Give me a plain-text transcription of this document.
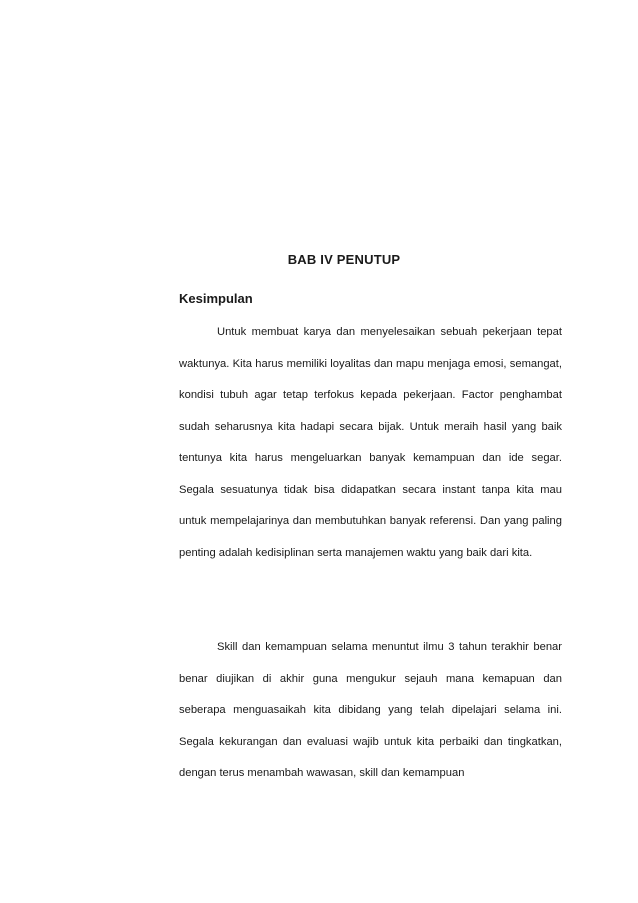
BAB IV PENUTUP
Kesimpulan

Untuk membuat karya dan menyelesaikan sebuah pekerjaan tepat waktunya. Kita harus memiliki loyalitas dan mapu menjaga emosi, semangat, kondisi tubuh agar tetap terfokus kepada pekerjaan. Factor penghambat sudah seharusnya kita hadapi secara bijak. Untuk meraih hasil yang baik tentunya kita harus mengeluarkan banyak kemampuan dan ide segar. Segala sesuatunya tidak bisa didapatkan secara instant tanpa kita mau untuk mempelajarinya dan membutuhkan banyak referensi. Dan yang paling penting adalah kedisiplinan serta manajemen waktu yang baik dari kita.

Skill dan kemampuan selama menuntut ilmu 3 tahun terakhir benar benar diujikan di akhir guna mengukur sejauh mana kemapuan dan seberapa menguasaikah kita dibidang yang telah dipelajari selama ini. Segala kekurangan dan evaluasi wajib untuk kita perbaiki dan tingkatkan, dengan terus menambah wawasan, skill dan kemampuan
